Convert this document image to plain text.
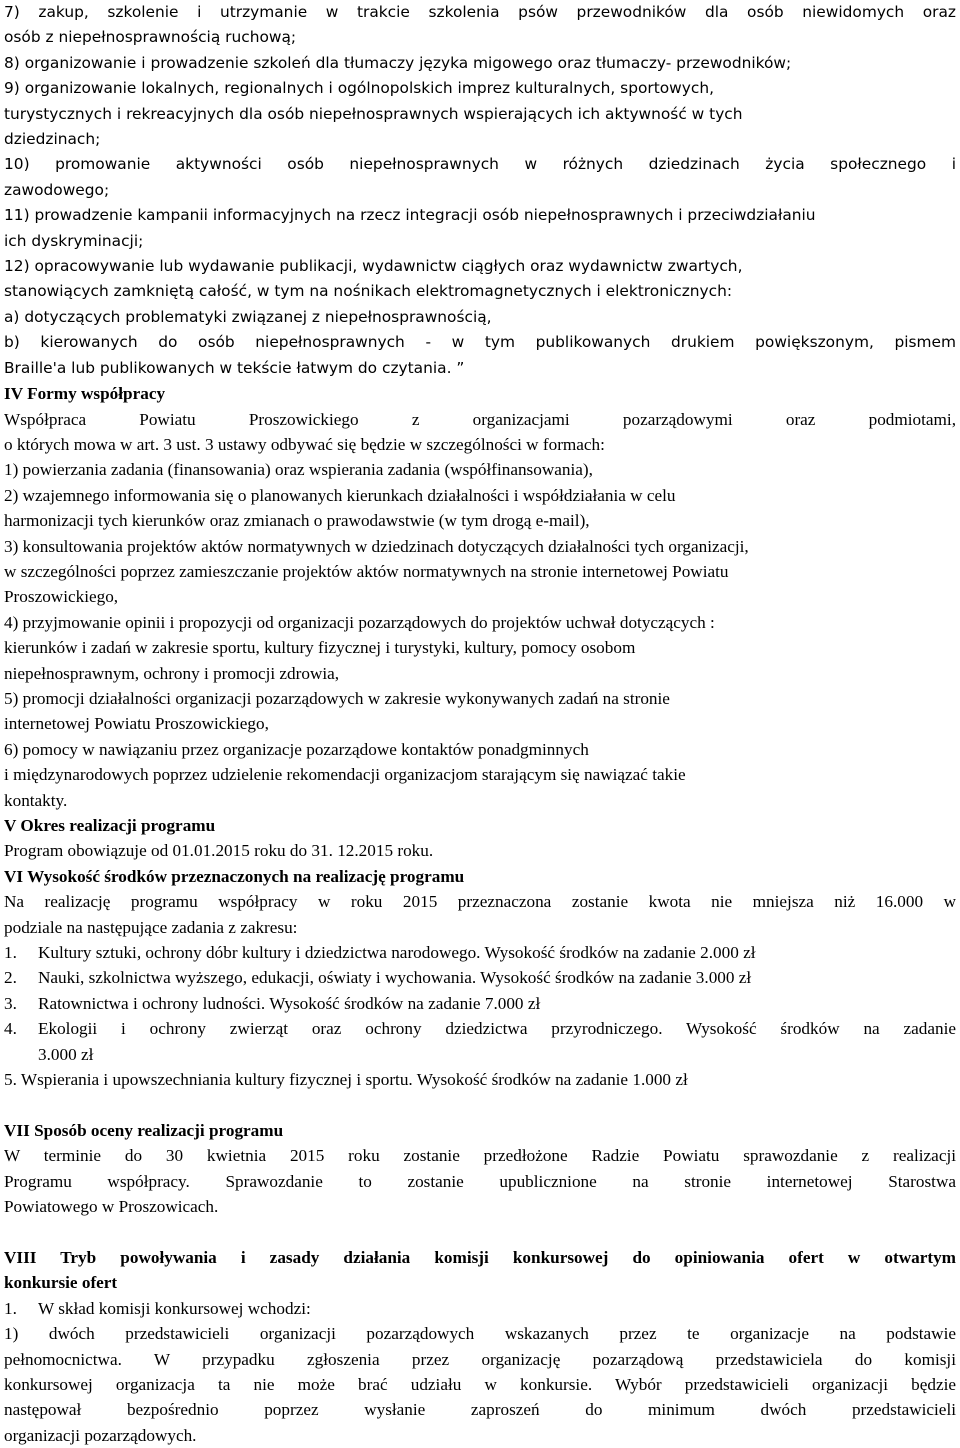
7) zakup, szkolenie i utrzymanie w trakcie szkolenia psów przewodników dla osób niewidomych oraz

osób z niepełnosprawnością ruchową;

8) organizowanie i prowadzenie szkoleń dla tłumaczy języka migowego oraz tłumaczy- przewodników;

9) organizowanie lokalnych, regionalnych i ogólnopolskich imprez kulturalnych, sportowych,

turystycznych i rekreacyjnych dla osób niepełnosprawnych wspierających ich aktywność w tych

dziedzinach;

10) promowanie aktywności osób niepełnosprawnych w różnych dziedzinach życia społecznego i

zawodowego;

11) prowadzenie kampanii informacyjnych na rzecz integracji osób niepełnosprawnych i przeciwdziałaniu

ich dyskryminacji;

12) opracowywanie lub wydawanie publikacji, wydawnictw ciągłych oraz wydawnictw zwartych,

stanowiących zamkniętą całość, w tym na nośnikach elektromagnetycznych i elektronicznych:

a) dotyczących problematyki związanej z niepełnosprawnością,

b) kierowanych do osób niepełnosprawnych - w tym publikowanych drukiem powiększonym, pismem

Braille'a lub publikowanych w tekście łatwym do czytania. ”

IV Formy współpracy

Współpraca Powiatu Proszowickiego z organizacjami pozarządowymi oraz podmiotami,

o których mowa w art. 3 ust. 3 ustawy odbywać się będzie w szczególności w formach:

1) powierzania zadania (finansowania) oraz wspierania zadania (współfinansowania),

2) wzajemnego informowania się o planowanych kierunkach działalności i współdziałania w celu

harmonizacji tych kierunków oraz zmianach o prawodawstwie (w tym drogą e-mail),

3) konsultowania projektów aktów normatywnych w dziedzinach dotyczących działalności tych organizacji,

w szczególności poprzez zamieszczanie projektów aktów normatywnych na stronie internetowej Powiatu

Proszowickiego,

4) przyjmowanie opinii i propozycji od organizacji pozarządowych do projektów uchwał dotyczących :

kierunków i zadań w zakresie sportu, kultury fizycznej i turystyki, kultury, pomocy osobom

niepełnosprawnym, ochrony i promocji zdrowia,

5) promocji działalności organizacji pozarządowych w zakresie wykonywanych zadań na stronie

internetowej Powiatu Proszowickiego,

6) pomocy w nawiązaniu przez organizacje pozarządowe kontaktów ponadgminnych

i międzynarodowych poprzez udzielenie rekomendacji organizacjom starającym się nawiązać takie

kontakty.

V Okres realizacji programu

Program obowiązuje od 01.01.2015 roku do 31. 12.2015 roku.

VI Wysokość środków przeznaczonych na realizację programu

Na realizację programu współpracy w roku 2015 przeznaczona zostanie kwota nie mniejsza niż 16.000 w

podziale na następujące zadania z zakresu:

1.	Kultury sztuki, ochrony dóbr kultury i dziedzictwa narodowego. Wysokość środków na zadanie 2.000 zł
2.	Nauki, szkolnictwa wyższego, edukacji, oświaty i wychowania. Wysokość środków na zadanie 3.000 zł
3.	Ratownictwa i ochrony ludności. Wysokość środków na zadanie 7.000 zł
4.	Ekologii i ochrony zwierząt oraz ochrony dziedzictwa przyrodniczego. Wysokość środków na zadanie
3.000 zł

5. Wspierania i upowszechniania kultury fizycznej i sportu. Wysokość środków na zadanie 1.000 zł

VII Sposób oceny realizacji programu

W terminie do 30 kwietnia 2015 roku zostanie przedłożone Radzie Powiatu sprawozdanie z realizacji

Programu współpracy. Sprawozdanie to zostanie upublicznione na stronie internetowej Starostwa

Powiatowego w Proszowicach.

VIII Tryb powoływania i zasady działania komisji konkursowej do opiniowania ofert w otwartym

konkursie ofert

1.	W skład komisji konkursowej wchodzi:

1) dwóch przedstawicieli organizacji pozarządowych wskazanych przez te organizacje na podstawie

pełnomocnictwa. W przypadku zgłoszenia przez organizację pozarządową przedstawiciela do komisji

konkursowej organizacja ta nie może brać udziału w konkursie. Wybór przedstawicieli organizacji będzie

następował bezpośrednio poprzez wysłanie zaproszeń do minimum dwóch przedstawicieli

organizacji pozarządowych.
